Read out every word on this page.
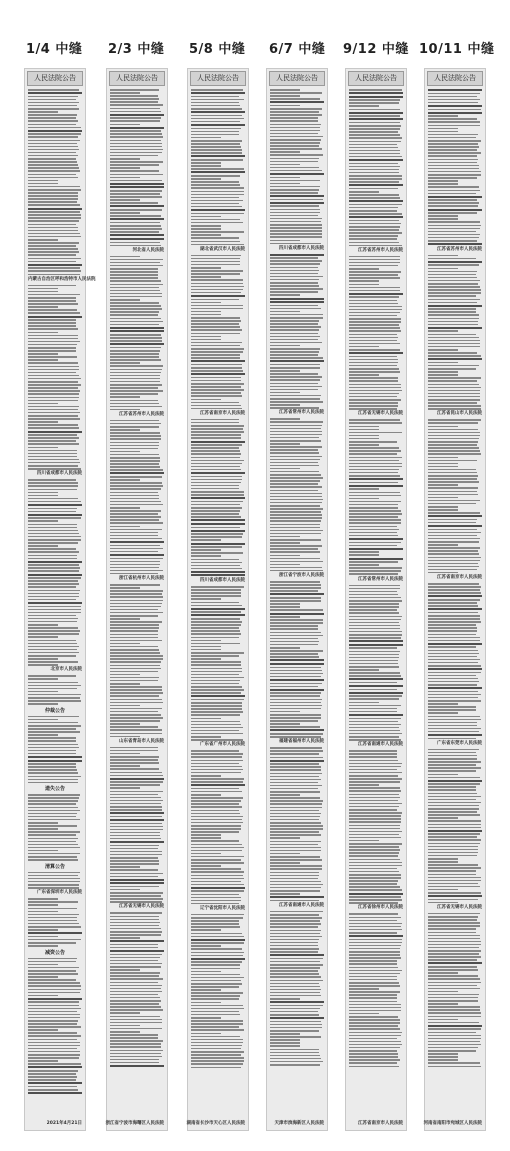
1/4 中缝 2/3 中缝 5/8 中缝 6/7 中缝 9/12 中缝 10/11 中缝
人民法院公告
内蒙古自治区呼和浩特市人民法院
四川省成都市人民法院
北京市人民法院
仲裁公告
遗失公告
清算公告
广东省深圳市人民法院
减资公告
2021年4月21日
人民法院公告
河北省人民法院
江苏省苏州市人民法院
浙江省杭州市人民法院
山东省青岛市人民法院
江苏省无锡市人民法院
浙江省宁波市海曙区人民法院
人民法院公告
湖北省武汉市人民法院
江苏省南京市人民法院
四川省成都市人民法院
广东省广州市人民法院
辽宁省沈阳市人民法院
湖南省长沙市天心区人民法院
人民法院公告
四川省成都市人民法院
江苏省常州市人民法院
浙江省宁波市人民法院
福建省福州市人民法院
江苏省南通市人民法院
天津市滨海新区人民法院
人民法院公告
江苏省苏州市人民法院
江苏省无锡市人民法院
江苏省常州市人民法院
江苏省南通市人民法院
江苏省徐州市人民法院
江苏省南京市人民法院
人民法院公告
江苏省苏州市人民法院
江苏省昆山市人民法院
江苏省南京市人民法院
广东省东莞市人民法院
江苏省无锡市人民法院
河南省南阳市宛城区人民法院
